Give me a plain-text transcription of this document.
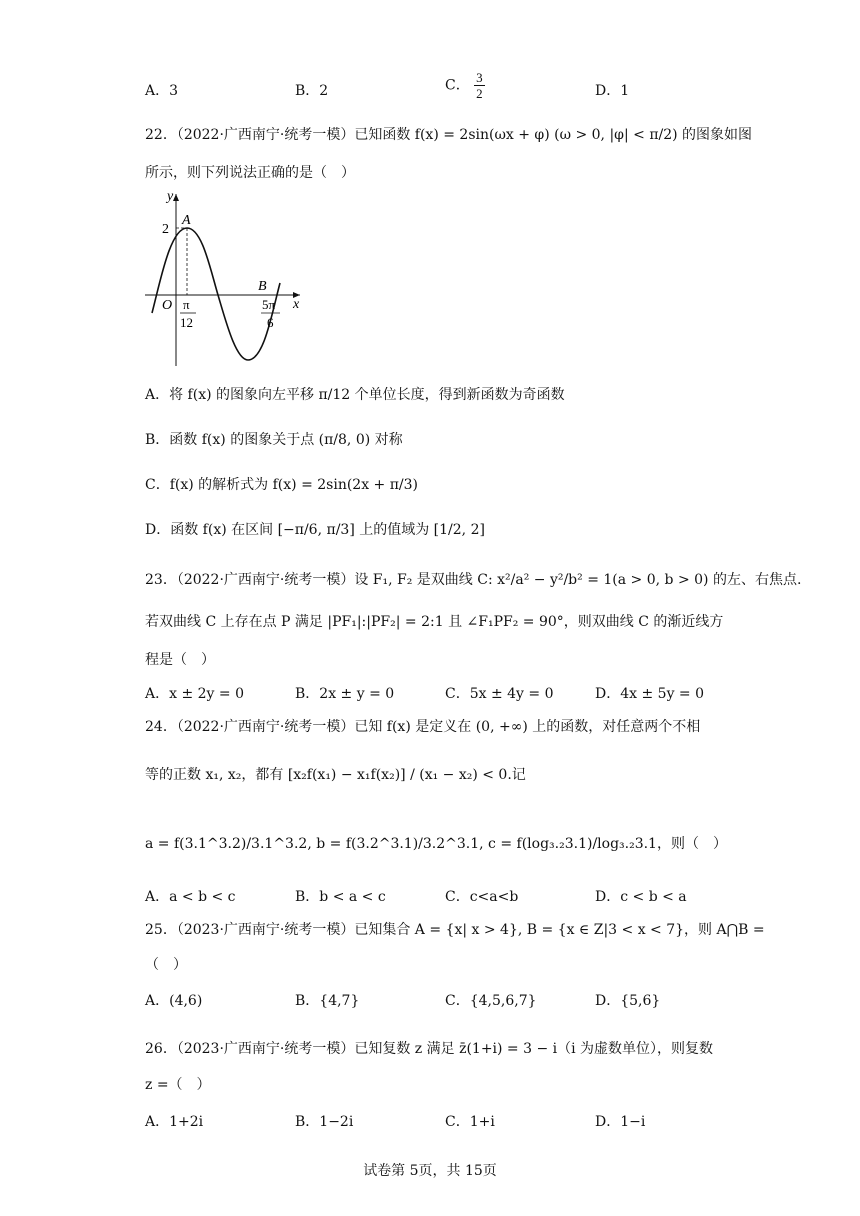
A．3	B．2	C． $\frac{3}{2}$	D．1
22．（2022·广西南宁·统考一模）已知函数 f(x) = 2sin(ωx + φ) (ω > 0, |φ| < π/2) 的图象如图
所示，则下列说法正确的是（　）
y
x
O
2
A
B
π
12
5π
6
A．将 f(x) 的图象向左平移 π/12 个单位长度，得到新函数为奇函数
B．函数 f(x) 的图象关于点 (π/8, 0) 对称
C．f(x) 的解析式为 f(x) = 2sin(2x + π/3)
D．函数 f(x) 在区间 [−π/6, π/3] 上的值域为 [1/2, 2]
23．（2022·广西南宁·统考一模）设 F₁, F₂ 是双曲线 C: x²/a² − y²/b² = 1(a > 0, b > 0) 的左、右焦点.
若双曲线 C 上存在点 P 满足 |PF₁|:|PF₂| = 2:1 且 ∠F₁PF₂ = 90°，则双曲线 C 的渐近线方
程是（　）
A．x ± 2y = 0	B．2x ± y = 0	C．5x ± 4y = 0	D．4x ± 5y = 0
24．（2022·广西南宁·统考一模）已知 f(x) 是定义在 (0, +∞) 上的函数，对任意两个不相
等的正数 x₁, x₂，都有 [x₂f(x₁) − x₁f(x₂)] / (x₁ − x₂) < 0.记
a = f(3.1^3.2)/3.1^3.2, b = f(3.2^3.1)/3.2^3.1, c = f(log₃.₂3.1)/log₃.₂3.1，则（　）
A．a < b < c	B．b < a < c	C．c<a<b	D．c < b < a
25．（2023·广西南宁·统考一模）已知集合 A = {x| x > 4}, B = {x ∈ Z|3 < x < 7}，则 A⋂B =
（　）
A．(4,6)	B．{4,7}	C．{4,5,6,7}	D．{5,6}
26．（2023·广西南宁·统考一模）已知复数 z 满足 z̄(1+i) = 3 − i（i 为虚数单位），则复数
z =（　）
A．1+2i	B．1−2i	C．1+i	D．1−i
试卷第 5页，共 15页
